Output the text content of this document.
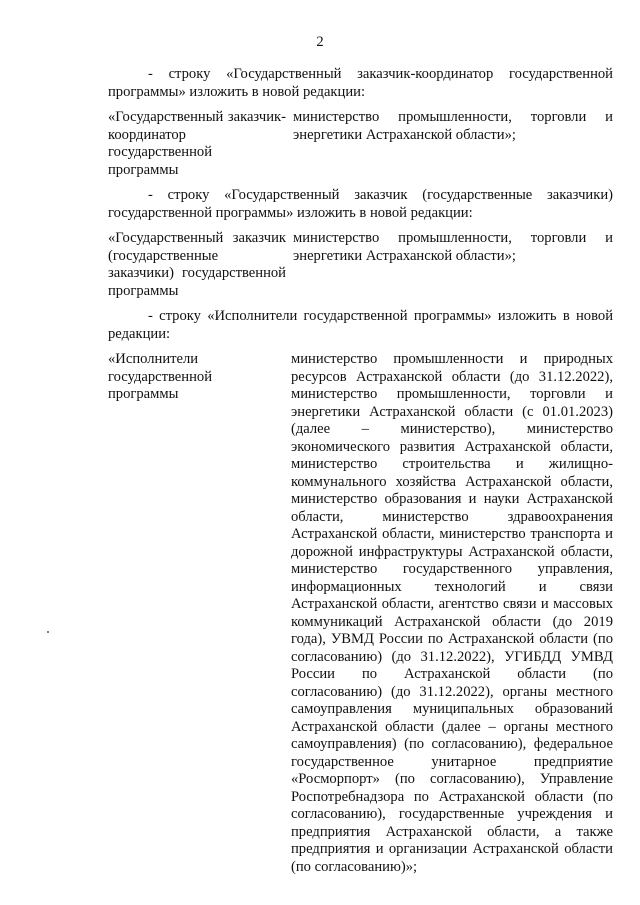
2

- строку «Государственный заказчик-координатор государственной программы» изложить в новой редакции:

«Государственный заказчик-координатор государственной программы
министерство промышленности, торговли и энергетики Астраханской области»;

- строку «Государственный заказчик (государственные заказчики) государственной программы» изложить в новой редакции:

«Государственный заказчик (государственные заказчики) государственной программы
министерство промышленности, торговли и энергетики Астраханской области»;

- строку «Исполнители государственной программы» изложить в новой редакции:

«Исполнители государственной программы
министерство промышленности и природных ресурсов Астраханской области (до 31.12.2022), министерство промышленности, торговли и энергетики Астраханской области (с 01.01.2023) (далее – министерство), министерство экономического развития Астраханской области, министерство строительства и жилищно-коммунального хозяйства Астраханской области, министерство образования и науки Астраханской области, министерство здравоохранения Астраханской области, министерство транспорта и дорожной инфраструктуры Астраханской области, министерство государственного управления, информационных технологий и связи Астраханской области, агентство связи и массовых коммуникаций Астраханской области (до 2019 года), УВМД России по Астраханской области (по согласованию) (до 31.12.2022), УГИБДД УМВД России по Астраханской области (по согласованию) (до 31.12.2022), органы местного самоуправления муниципальных образований Астраханской области (далее – органы местного самоуправления) (по согласованию), федеральное государственное унитарное предприятие «Росморпорт» (по согласованию), Управление Роспотребнадзора по Астраханской области (по согласованию), государственные учреждения и предприятия Астраханской области, а также предприятия и организации Астраханской области (по согласованию)»;
